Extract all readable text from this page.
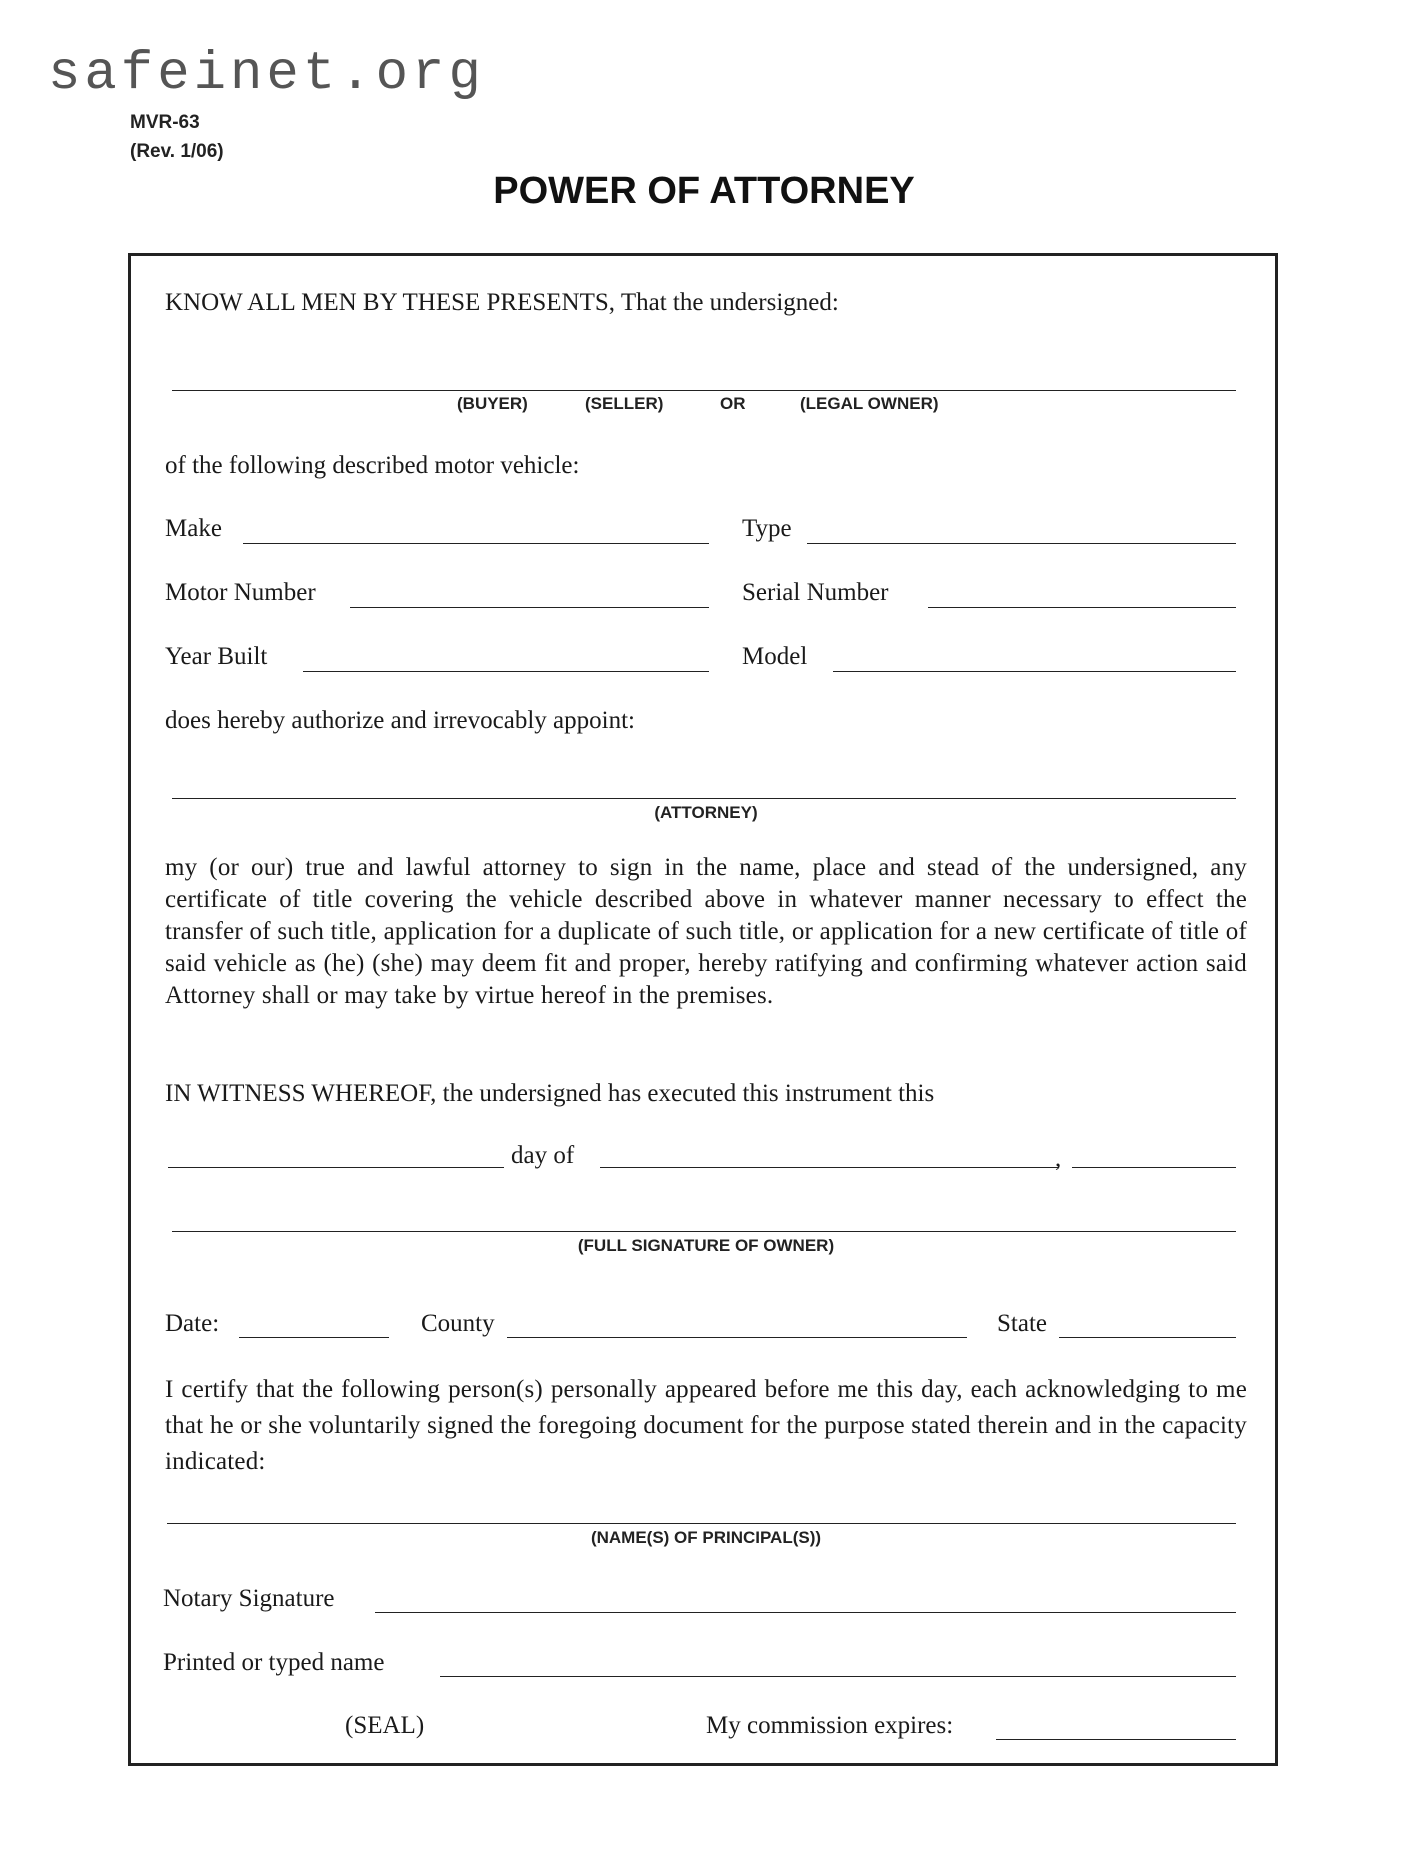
safeinet.org
MVR-63
(Rev. 1/06)
POWER OF ATTORNEY
KNOW ALL MEN BY THESE PRESENTS, That the undersigned:
(BUYER)	(SELLER)	OR	(LEGAL OWNER)
of the following described motor vehicle:
Make	Type
Motor Number	Serial Number
Year Built	Model
does hereby authorize and irrevocably appoint:
(ATTORNEY)
my (or our) true and lawful attorney to sign in the name, place and stead of the undersigned, any certificate of title covering the vehicle described above in whatever manner necessary to effect the transfer of such title, application for a duplicate of such title, or application for a new certificate of title of said vehicle as (he) (she) may deem fit and proper, hereby ratifying and confirming whatever action said Attorney shall or may take by virtue hereof in the premises.
IN WITNESS WHEREOF, the undersigned has executed this instrument this
day of	,
(FULL SIGNATURE OF OWNER)
Date:	County	State
I certify that the following person(s) personally appeared before me this day, each acknowledging to me that he or she voluntarily signed the foregoing document for the purpose stated therein and in the capacity indicated:
(NAME(S) OF PRINCIPAL(S))
Notary Signature
Printed or typed name
(SEAL)	My commission expires:
